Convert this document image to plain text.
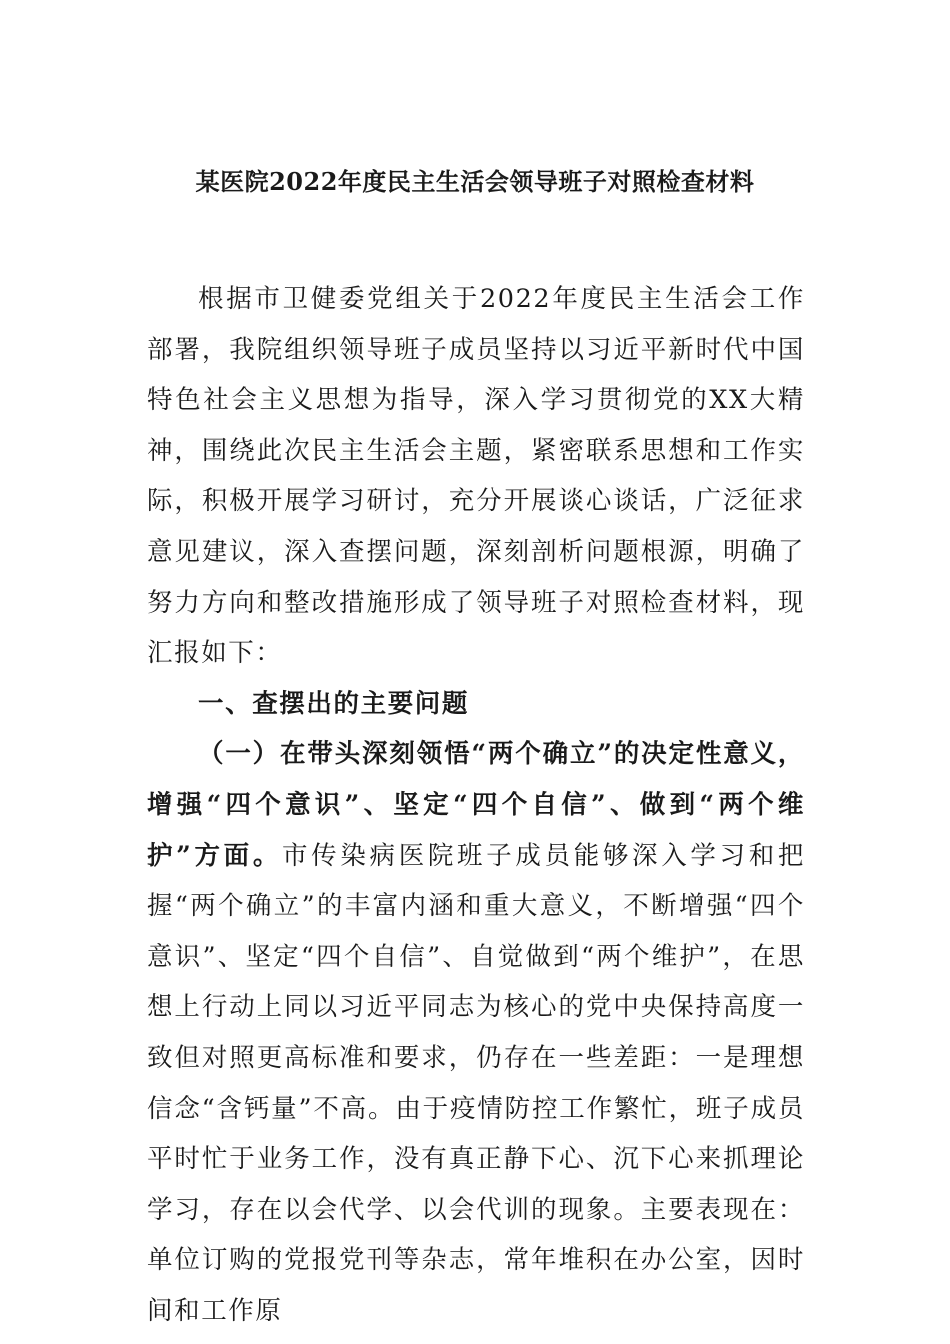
某医院2022年度民主生活会领导班子对照检查材料

根据市卫健委党组关于2022年度民主生活会工作部署，我院组织领导班子成员坚持以习近平新时代中国特色社会主义思想为指导，深入学习贯彻党的XX大精神，围绕此次民主生活会主题，紧密联系思想和工作实际，积极开展学习研讨，充分开展谈心谈话，广泛征求意见建议，深入查摆问题，深刻剖析问题根源，明确了努力方向和整改措施形成了领导班子对照检查材料，现汇报如下：

一、查摆出的主要问题

（一）在带头深刻领悟“两个确立”的决定性意义，增强“四个意识”、坚定“四个自信”、做到“两个维护”方面。市传染病医院班子成员能够深入学习和把握“两个确立”的丰富内涵和重大意义，不断增强“四个意识”、坚定“四个自信”、自觉做到“两个维护”，在思想上行动上同以习近平同志为核心的党中央保持高度一致但对照更高标准和要求，仍存在一些差距：一是理想信念“含钙量”不高。由于疫情防控工作繁忙，班子成员平时忙于业务工作，没有真正静下心、沉下心来抓理论学习，存在以会代学、以会代训的现象。主要表现在：单位订购的党报党刊等杂志，常年堆积在办公室，因时间和工作原
